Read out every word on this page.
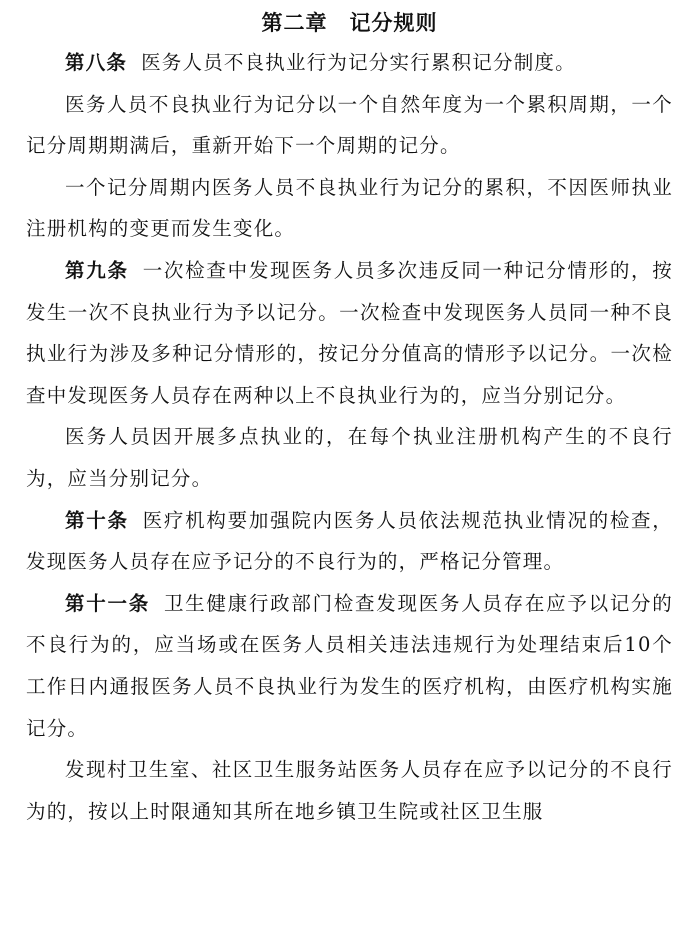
第二章 记分规则

第八条 医务人员不良执业行为记分实行累积记分制度。

医务人员不良执业行为记分以一个自然年度为一个累积周期，一个记分周期期满后，重新开始下一个周期的记分。

一个记分周期内医务人员不良执业行为记分的累积，不因医师执业注册机构的变更而发生变化。

第九条 一次检查中发现医务人员多次违反同一种记分情形的，按发生一次不良执业行为予以记分。一次检查中发现医务人员同一种不良执业行为涉及多种记分情形的，按记分分值高的情形予以记分。一次检查中发现医务人员存在两种以上不良执业行为的，应当分别记分。

医务人员因开展多点执业的，在每个执业注册机构产生的不良行为，应当分别记分。

第十条 医疗机构要加强院内医务人员依法规范执业情况的检查，发现医务人员存在应予记分的不良行为的，严格记分管理。

第十一条 卫生健康行政部门检查发现医务人员存在应予以记分的不良行为的，应当场或在医务人员相关违法违规行为处理结束后10个工作日内通报医务人员不良执业行为发生的医疗机构，由医疗机构实施记分。

发现村卫生室、社区卫生服务站医务人员存在应予以记分的不良行为的，按以上时限通知其所在地乡镇卫生院或社区卫生服
